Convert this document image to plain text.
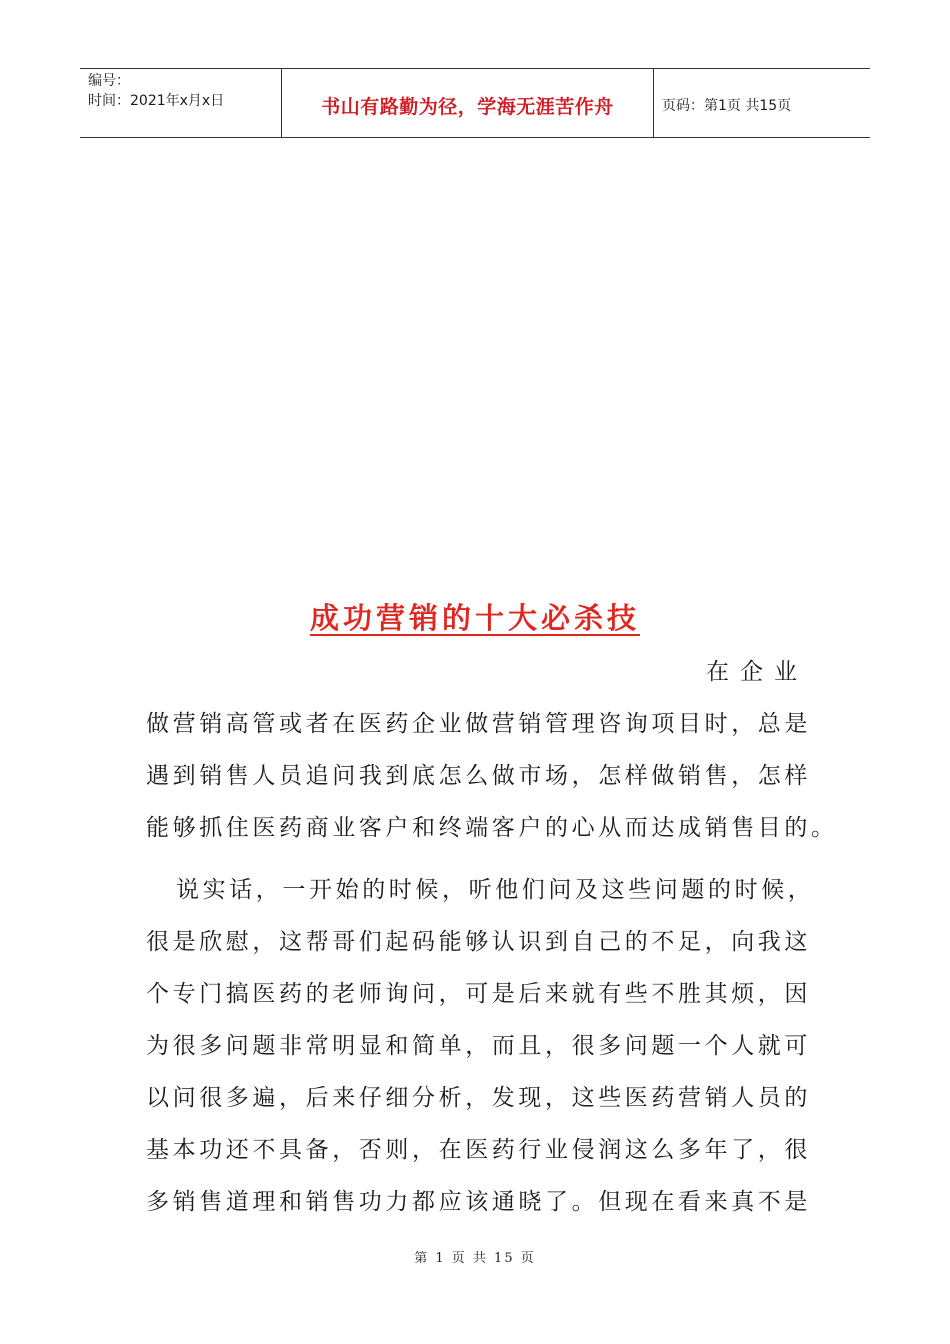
编号：
时间：2021年x月x日	书山有路勤为径，学海无涯苦作舟	页码：第1页 共15页
成功营销的十大必杀技
在企业
做营销高管或者在医药企业做营销管理咨询项目时，总是
遇到销售人员追问我到底怎么做市场，怎样做销售，怎样
能够抓住医药商业客户和终端客户的心从而达成销售目的。
说实话，一开始的时候，听他们问及这些问题的时候，
很是欣慰，这帮哥们起码能够认识到自己的不足，向我这
个专门搞医药的老师询问，可是后来就有些不胜其烦，因
为很多问题非常明显和简单，而且，很多问题一个人就可
以问很多遍，后来仔细分析，发现，这些医药营销人员的
基本功还不具备，否则，在医药行业侵润这么多年了，很
多销售道理和销售功力都应该通晓了。但现在看来真不是
第 1 页 共 15 页
